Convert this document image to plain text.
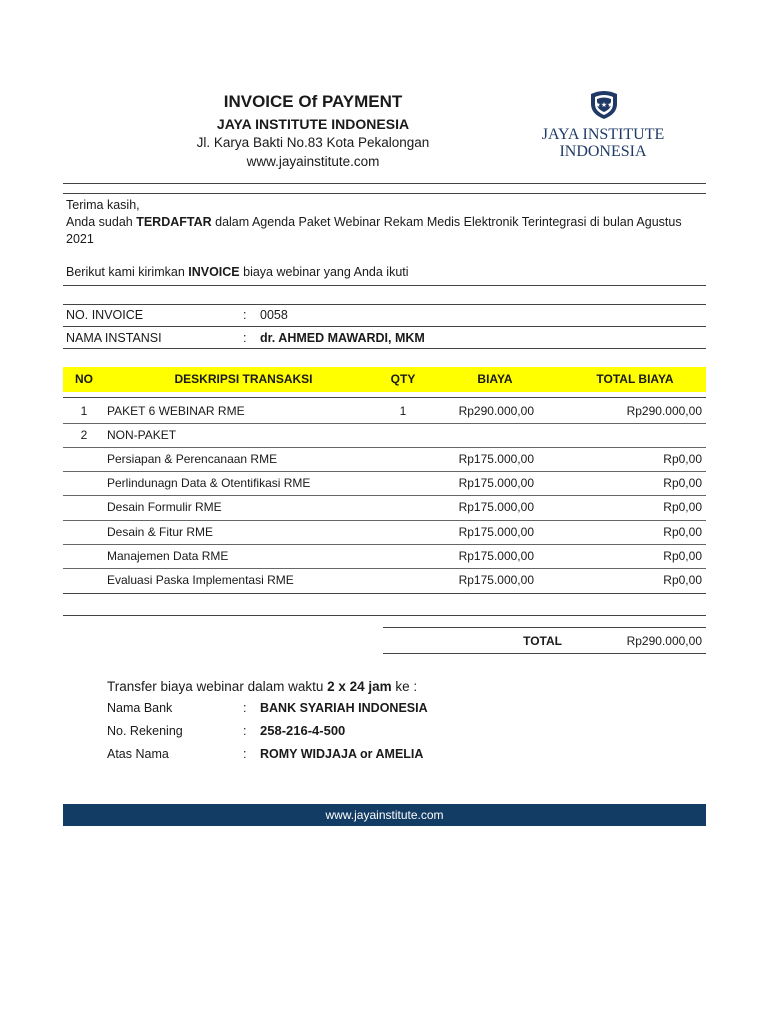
INVOICE Of PAYMENT
JAYA INSTITUTE INDONESIA
Jl. Karya Bakti No.83 Kota Pekalongan
www.jayainstitute.com
★★★
JAYA INSTITUTE
INDONESIA
Terima kasih,
Anda sudah TERDAFTAR dalam Agenda Paket Webinar Rekam Medis Elektronik Terintegrasi di bulan Agustus
2021
Berikut kami kirimkan INVOICE biaya webinar yang Anda ikuti
NO. INVOICE	: 0058
NAMA INSTANSI	: dr. AHMED MAWARDI, MKM
NO	DESKRIPSI TRANSAKSI	QTY	BIAYA	TOTAL BIAYA
1	PAKET 6 WEBINAR RME	1	Rp290.000,00	Rp290.000,00
2	NON-PAKET
Persiapan & Perencanaan RME	Rp175.000,00	Rp0,00
Perlindunagn Data & Otentifikasi RME	Rp175.000,00	Rp0,00
Desain Formulir RME	Rp175.000,00	Rp0,00
Desain & Fitur RME	Rp175.000,00	Rp0,00
Manajemen Data RME	Rp175.000,00	Rp0,00
Evaluasi Paska Implementasi RME	Rp175.000,00	Rp0,00
TOTAL	Rp290.000,00
Transfer biaya webinar dalam waktu 2 x 24 jam ke :
Nama Bank	: BANK SYARIAH INDONESIA
No. Rekening	: 258-216-4-500
Atas Nama	: ROMY WIDJAJA or AMELIA
www.jayainstitute.com
